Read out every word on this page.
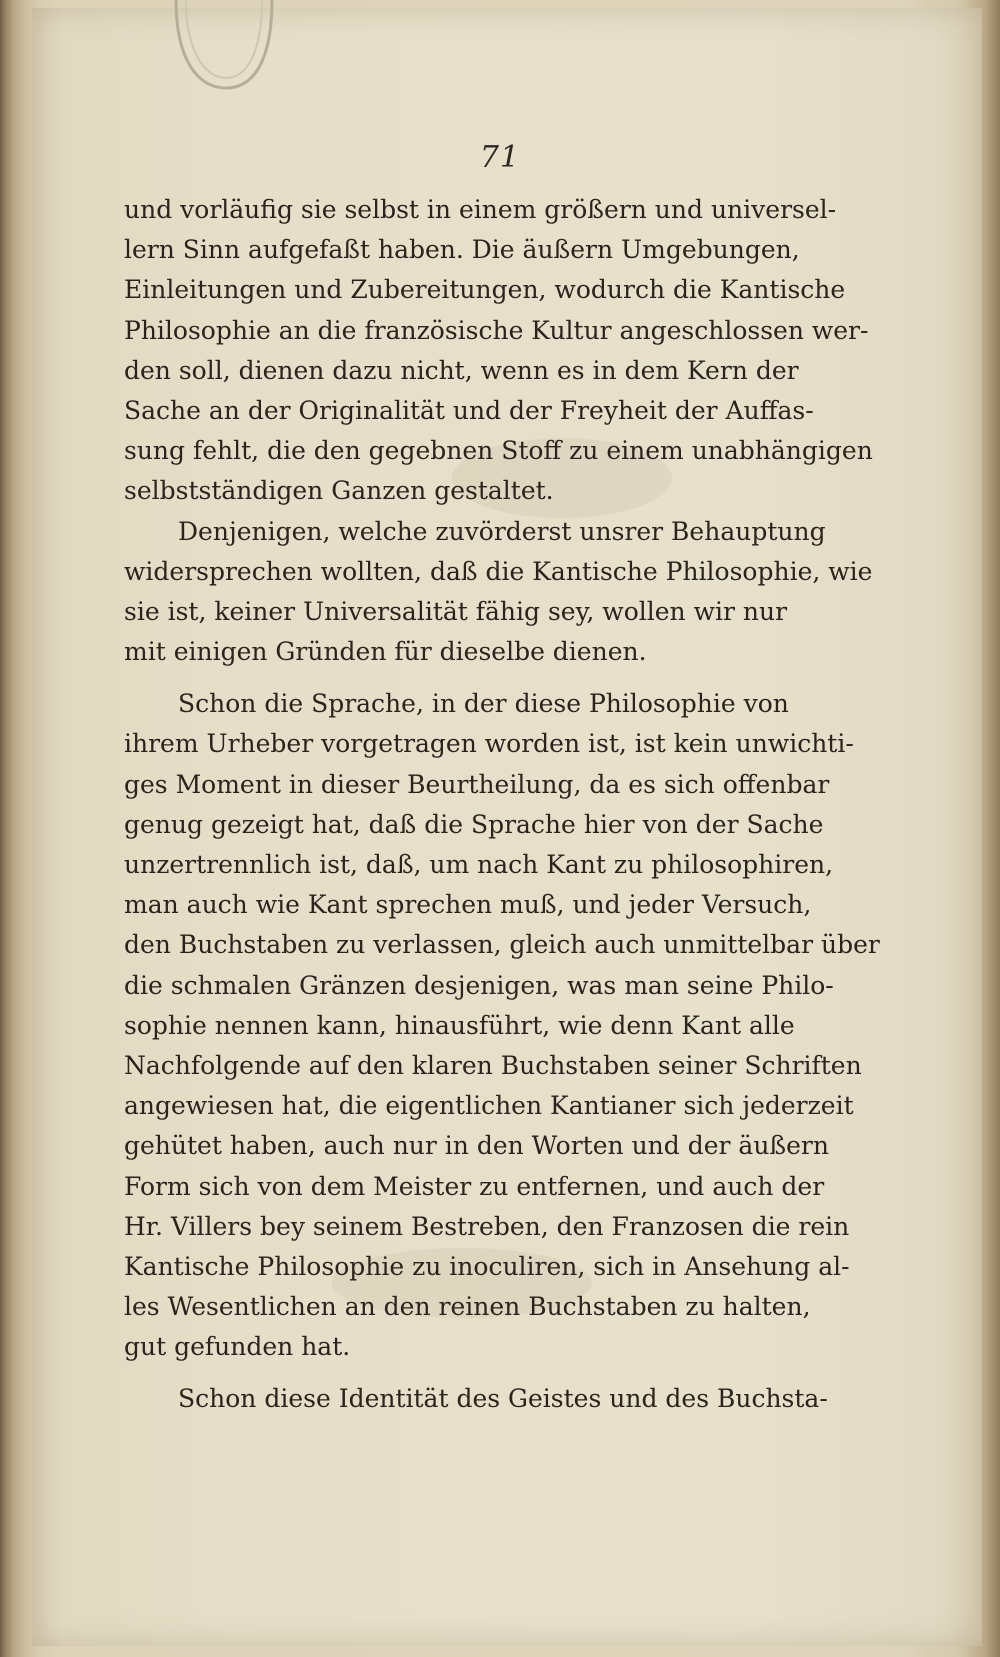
71
und vorläufig sie selbst in einem größern und universel-
lern Sinn aufgefaßt haben. Die äußern Umgebungen,
Einleitungen und Zubereitungen, wodurch die Kantische
Philosophie an die französische Kultur angeschlossen wer-
den soll, dienen dazu nicht, wenn es in dem Kern der
Sache an der Originalität und der Freyheit der Auffas-
sung fehlt, die den gegebnen Stoff zu einem unabhängigen
selbstständigen Ganzen gestaltet.
Denjenigen, welche zuvörderst unsrer Behauptung
widersprechen wollten, daß die Kantische Philosophie, wie
sie ist, keiner Universalität fähig sey, wollen wir nur
mit einigen Gründen für dieselbe dienen.
Schon die Sprache, in der diese Philosophie von
ihrem Urheber vorgetragen worden ist, ist kein unwichti-
ges Moment in dieser Beurtheilung, da es sich offenbar
genug gezeigt hat, daß die Sprache hier von der Sache
unzertrennlich ist, daß, um nach Kant zu philosophiren,
man auch wie Kant sprechen muß, und jeder Versuch,
den Buchstaben zu verlassen, gleich auch unmittelbar über
die schmalen Gränzen desjenigen, was man seine Philo-
sophie nennen kann, hinausführt, wie denn Kant alle
Nachfolgende auf den klaren Buchstaben seiner Schriften
angewiesen hat, die eigentlichen Kantianer sich jederzeit
gehütet haben, auch nur in den Worten und der äußern
Form sich von dem Meister zu entfernen, und auch der
Hr. Villers bey seinem Bestreben, den Franzosen die rein
Kantische Philosophie zu inoculiren, sich in Ansehung al-
les Wesentlichen an den reinen Buchstaben zu halten,
gut gefunden hat.
Schon diese Identität des Geistes und des Buchsta-
